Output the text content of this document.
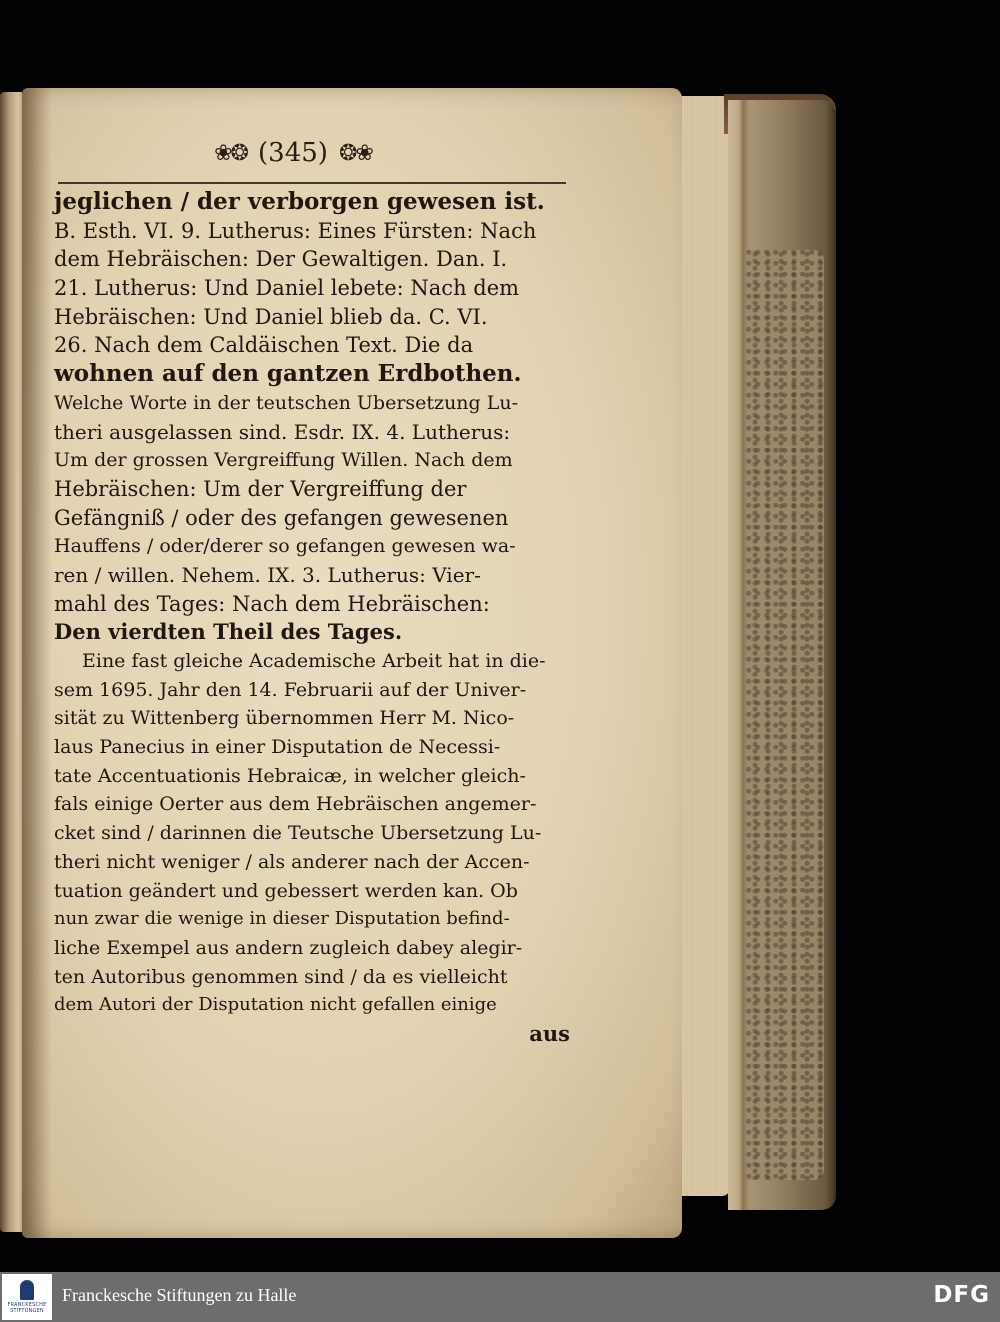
❀❂ (345) ❂❀
jeglichen / der verborgen gewesen ist.
B. Esth. VI. 9. Lutherus: Eines Fürsten: Nach
dem Hebräischen: Der Gewaltigen. Dan. I.
21. Lutherus: Und Daniel lebete: Nach dem
Hebräischen: Und Daniel blieb da. C. VI.
26. Nach dem Caldäischen Text. Die da
wohnen auf den gantzen Erdbothen.
Welche Worte in der teutschen Ubersetzung Lu-
theri ausgelassen sind. Esdr. IX. 4. Lutherus:
Um der grossen Vergreiffung Willen. Nach dem
Hebräischen: Um der Vergreiffung der
Gefängniß / oder des gefangen gewesenen
Hauffens / oder/derer so gefangen gewesen wa-
ren / willen. Nehem. IX. 3. Lutherus: Vier-
mahl des Tages: Nach dem Hebräischen:
Den vierdten Theil des Tages.
Eine fast gleiche Academische Arbeit hat in die-
sem 1695. Jahr den 14. Februarii auf der Univer-
sität zu Wittenberg übernommen Herr M. Nico-
laus Panecius in einer Disputation de Necessi-
tate Accentuationis Hebraicæ, in welcher gleich-
fals einige Oerter aus dem Hebräischen angemer-
cket sind / darinnen die Teutsche Ubersetzung Lu-
theri nicht weniger / als anderer nach der Accen-
tuation geändert und gebessert werden kan. Ob
nun zwar die wenige in dieser Disputation befind-
liche Exempel aus andern zugleich dabey alegir-
ten Autoribus genommen sind / da es vielleicht
dem Autori der Disputation nicht gefallen einige
aus
FRANCKESCHE STIFTUNGEN
Franckesche Stiftungen zu Halle	DFG
